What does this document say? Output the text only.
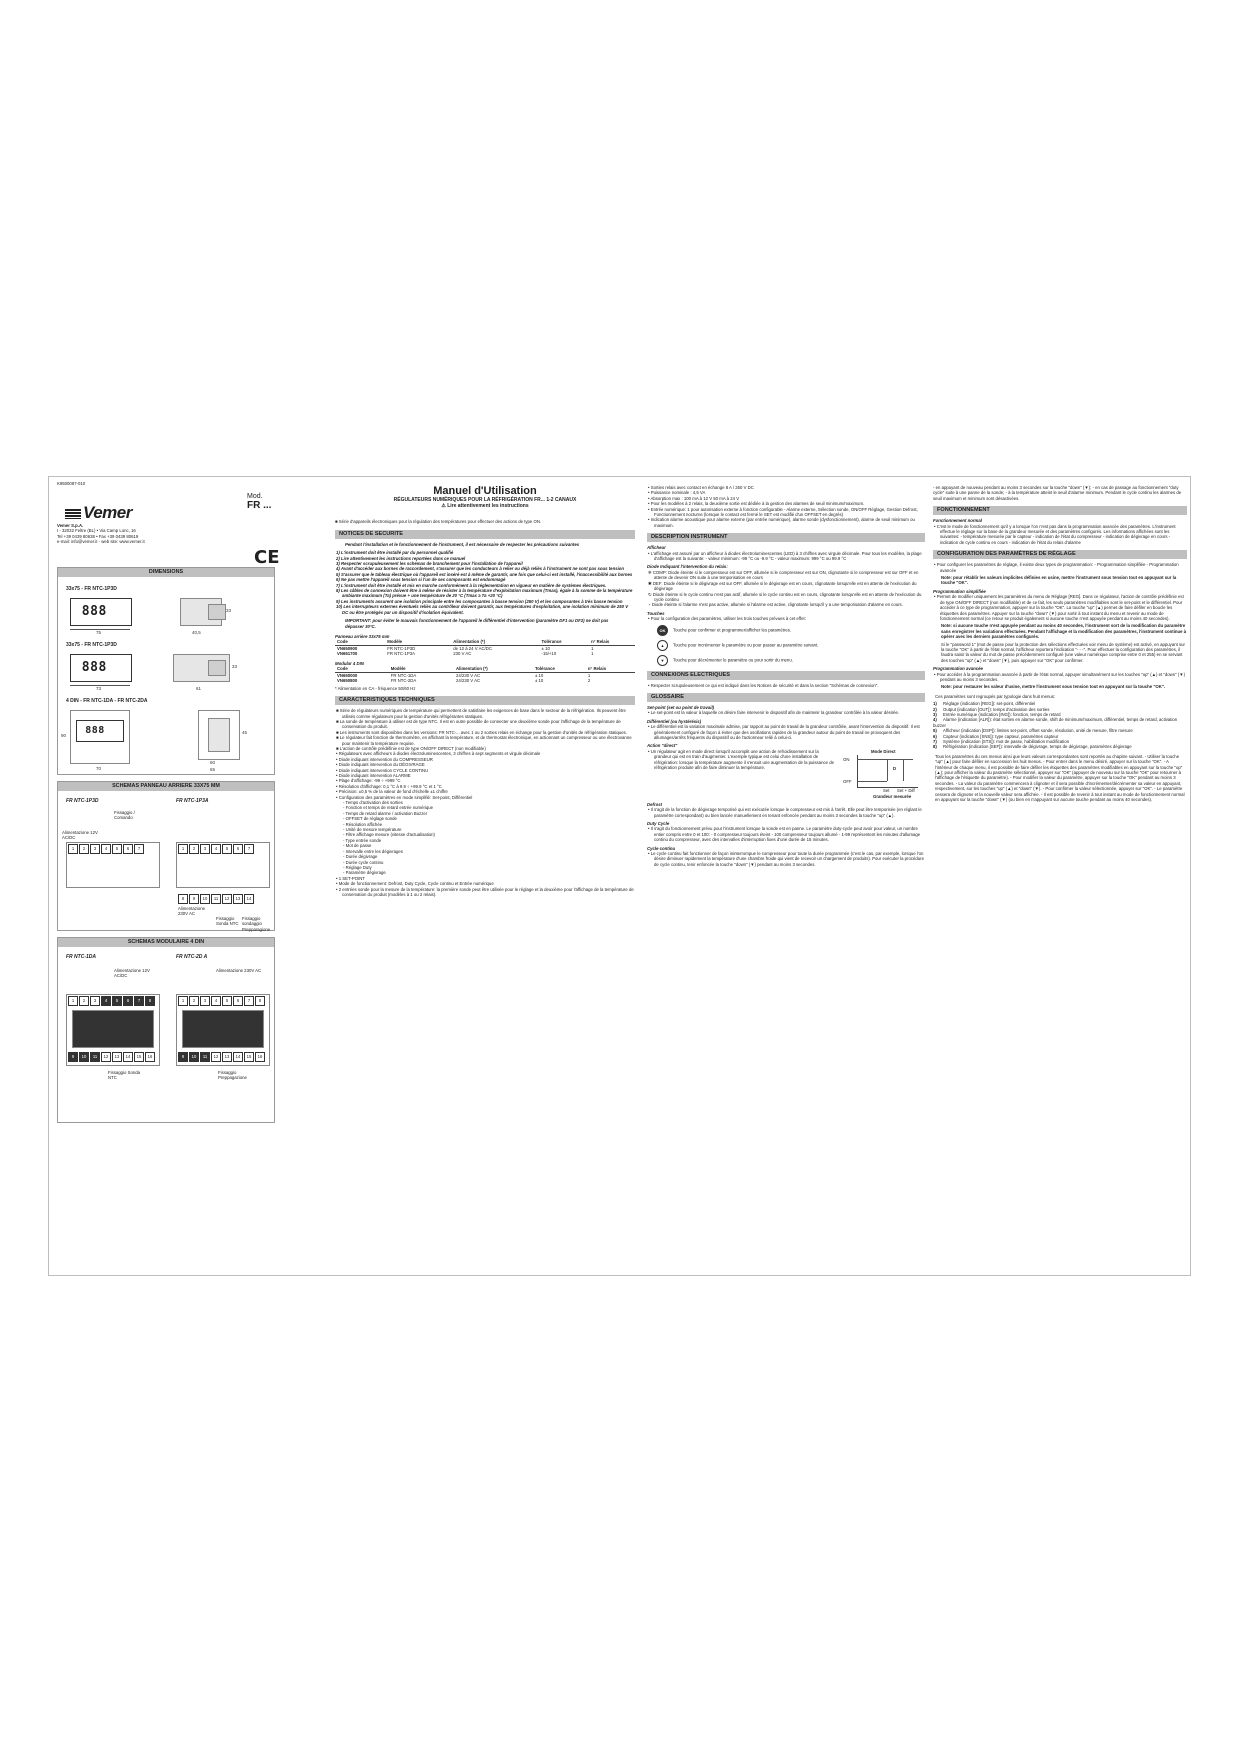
K9500087-010
Vemer
Mod. FR ...
Vemer S.p.A.
I - 32032 Feltre (BL) • Via Camp Lonc, 16
Tel +39 0439 80638 • Fax +39 0439 80619
e-mail: info@vemer.it - web site: www.vemer.it
CE
DIMENSIONS
33x75 - FR NTC-1P3D
888
75	40,5
33
33x75 - FR NTC-1P3D
888
73	61
33
4 DIN - FR NTC-1DA - FR NTC-2DA
888
90
70
45
60
65
SCHEMAS PANNEAU ARRIERE 33X75 MM
FR NTC-1P3D	FR NTC-1P3A
Alimentazione 12V AC/DC
Fissaggio / Comando
1	2	3	4	5	6	7	1	2	3	4	5	6	7
8	9	10	11	12	13	14
Alimentazione 230V AC
Fissaggio Sonda NTC
Fissaggio sondaggio Prepparagione
SCHEMAS MODULAIRE 4 DIN
FR NTC-1DA	FR NTC-2D A
Alimentazione 12V AC/DC
1	2	3	4	5	6	7	8
9	10	11	12	13	14	15	16
Fissaggio Sonda NTC
Alimentazione 230V AC
1	2	3	4	5	6	7	8
9	10	11	12	13	14	15	16
Fissaggio Preppagazione
Manuel d'Utilisation
RÉGULATEURS NUMÉRIQUES POUR LA RÉFRIGÉRATION FR... 1-2 CANAUX
⚠ Lire attentivement les instructions
■ Série d'appareils électroniques pour la régulation des températures pour effectuer des actions de type ON.
NOTICES DE SECURITE
Pendant l'installation et le fonctionnement de l'instrument, il est nécessaire de respecter les précautions suivantes
1) L'instrument doit être installé par du personnel qualifié
2) Lire attentivement les instructions reportées dans ce manuel
3) Respecter scrupuleusement les schémas de branchement pour l'installation de l'appareil
4) Avant d'accéder aux bornes de raccordement, s'assurer que les conducteurs à relier ou déjà reliés à l'instrument ne sont pas sous tension
5) S'assurer que le tableau électrique où l'appareil est inséré est à même de garantir, une fois que celui-ci est installé, l'inaccessibilité aux bornes
6) Ne pas mettre l'appareil sous tension si l'un de ses composants est endommagé
7) L'instrument doit être installé et mis en marche conformément à la réglementation en vigueur en matière de systèmes électriques.
8) Les câbles de connexion doivent être à même de résister à la température d'exploitation maximum (Tmax), égale à la somme de la température ambiante maximum (Ta) prévue + une température de 20 °C (Tmax ≥ Ta +20 °C)
9) Les instruments assurent une isolation principale entre les composantes à basse tension (250 V) et les composantes à très basse tension
10) Les interrupteurs externes éventuels reliés au contrôleur doivent garantir, aux températures d'exploitation, une isolation minimum de 250 V DC ou être protégés par un dispositif d'isolation équivalent.
IMPORTANT: pour éviter le mauvais fonctionnement de l'appareil le différentiel d'intervention (paramètre DF1 ou DF2) ne doit pas dépasser 30°C.
Panneau arrière 33x75 mm
Code	Modèle	Alimentation (*)	Tolérance	n° Relais
VN650900	FR NTC-1P3D	de 12 à 24 V AC/DC	± 10	1
VN651700	FR NTC-1P3A	230 V AC	-15/+10	1
Modular 4 DIN
Code	Modèle	Alimentation (*)	Tolérance	n° Relais
VN650000	FR NTC-1DA	24/230 V AC	± 10	1
VN650800	FR NTC-2DA	24/230 V AC	± 10	2
* Alimentation en CA - fréquence 50/60 Hz
CARACTERISTIQUES TECHNIQUES
■ Série de régulateurs numériques de température qui permettent de satisfaire les exigences de base dans le secteur de la réfrigération. Ils peuvent être utilisés comme régulateurs pour la gestion d'unités réfrigérantes statiques.
■ La sonde de température à utiliser est de type NTC. Il est en outre possible de connecter une deuxième sonde pour l'affichage de la température de conservation du produit.
■ Les instruments sont disponibles dans les versions: FR NTC-... avec 1 ou 2 sorties relais en échange pour la gestion d'unités de réfrigération statiques.
■ Le régulateur fait fonction de thermomètre, en affichant la température, et de thermostat électronique, en actionnant un compresseur ou une électrovanne pour maintenir la température requise.
■ L'action de contrôle prédéfinie est de type ON/OFF DIRECT (non modifiable)
• Régulateurs avec afficheurs à diodes électroluminescentes, 3 chiffres à sept segments et virgule décimale
• Diode indiquant intervention du COMPRESSEUR
• Diode indiquant intervention du DÉGIVRAGE
• Diode indiquant intervention CYCLE CONTINU
• Diode indiquant intervention ALARME
• Plage d'affichage: -99 ÷ +999 °C
• Résolution d'affichage: 0,1 °C à 9.9 ÷ +99.9 °C et 1 °C
• Précision: ±0,5 % de la valeur de fond d'échelle ±1 chiffre
• Configuration des paramètres en mode simplifié: Set-point, Différentiel
- Temps d'activation des sorties
- Fonction et temps de retard entrée numérique
- Temps de retard alarme / activation Buzzer
- OFFSET de réglage sonde
- Résolution affichée
- Unité de mesure température
- Filtre affichage mesure (vitesse d'actualisation)
- Type entrée sonde
- Mot de passe
- Intervalle entre les dégivrages
- Durée dégivrage
- Durée cycle continu
- Réglage Duty
- Paramètre dégivrage
• 1 SET-POINT
• Mode de fonctionnement: Defrost, Duty Cycle, Cycle continu et Entrée numérique
• 2 entrées sonde pour la mesure de la température: la première sonde peut être utilisée pour le réglage et la deuxième pour l'affichage de la température de conservation du produit (modèles à 1 ou 2 relais).
• Sorties relais avec contact en échange 8 A / 250 V DC
• Puissance nominale : 4,5 VA
• Absorption max : 100 mA à 12 V 50 mA à 24 V
• Pour les modèles à 2 relais, la deuxième sortie est dédiée à la gestion des alarmes de seuil minimum/maximum.
• Entrée numérique: 1 pour autorisation externe à fonction configurable - Alarme externe, Sélection sonde, ON/OFF Réglage, Gestion Defrost, Fonctionnement nocturne (lorsque le contact est fermé le SET est modifié d'un OFFSET en degrés)
• Indication alarme acoustique pour alarme externe (par entrée numérique), alarme sonde (dysfonctionnement), alarme de seuil minimum ou maximum.
DESCRIPTION INSTRUMENT
Afficheur
• L'affichage est assuré par un afficheur à diodes électroluminescentes (LED) à 3 chiffres avec virgule décimale. Pour tous les modèles, la plage d'affichage est la suivante: - valeur minimum: -99 °C ou -9.9 °C - valeur maximum: 999 °C ou 99.9 °C
Diode Indiquant l'intervention du relais:
❄ COMP: Diode éteinte si le compresseur est sur OFF, allumée si le compresseur est sur ON, clignotante si le compresseur est sur OFF et en attente de devenir ON suite à une temporisation en cours
✱ DEF: Diode éteinte si le dégivrage est sur OFF, allumée si le dégivrage est en cours, clignotante lorsqu'elle est en attente de l'exécution du dégivrage
↻ Diode éteinte si le cycle continu n'est pas actif, allumée si le cycle continu est en cours, clignotante lorsqu'elle est en attente de l'exécution du cycle continu
◔ Diode éteinte si l'alarme n'est pas active, allumée si l'alarme est active, clignotante lorsqu'il y a une temporisation d'alarme en cours.
Touches
• Pour la configuration des paramètres, utiliser les trois touches prévues à cet effet:
OK Touche pour confirmer et programmer/afficher les paramètres.
▲ Touche pour incrémenter le paramètre ou pour passer au paramètre suivant.
▼ Touche pour décrémenter le paramètre ou pour sortir du menu.
CONNEXIONS ELECTRIQUES
• Respecter scrupuleusement ce qui est indiqué dans les Notices de sécurité et dans la section "Schémas de connexion".
GLOSSAIRE
Set-point (set ou point de travail)
• Le set-point est la valeur à laquelle on désire faire intervenir le dispositif afin de maintenir la grandeur contrôlée à la valeur désirée.
Différentiel (ou hystérésis)
• Le différentiel est la variation maximale admise, par rapport au point de travail de la grandeur contrôlée, avant l'intervention du dispositif. Il est généralement configuré de façon à éviter que des oscillations rapides de la grandeur autour du point de travail ne provoquent des allumages/arrêts fréquents du dispositif ou de l'actionneur relié à celui-ci.
Action "direct"
• Un régulateur agit en mode direct lorsqu'il accomplit une action de refroidissement sur la grandeur qui est en train d'augmenter. L'exemple typique est celui d'une installation de réfrigération: lorsque la température augmente il s'ensuit une augmentation de la puissance de réfrigération produite afin de faire diminuer la température.
Mode Direct
ON
OFF
D
Set Set + Diff
Grandeur mesurée
Defrost
• Il s'agit de la fonction de dégivrage temporisé qui est exécutée lorsque le compresseur est mis à l'arrêt. Elle peut être temporisée (en réglant le paramètre correspondant) ou bien lancée manuellement en tenant enfoncée pendant au moins 3 secondes la touche "up" (▲).
Duty Cycle
• Il s'agit du fonctionnement prévu pour l'instrument lorsque la sonde est en panne. Le paramètre duty-cycle peut avoir pour valeur, un nombre entier compris entre 0 et 100: - 0 compresseur toujours éteint - 100 compresseur toujours allumé - 1-99 représentent les minutes d'allumage continu du compresseur, avec des intervalles d'interruption fixes d'une durée de 15 minutes.
Cycle continu
• Le cycle continu fait fonctionner de façon ininterrompue le compresseur pour toute la durée programmée (c'est le cas, par exemple, lorsque l'on désire diminuer rapidement la température d'une chambre froide qui vient de recevoir un chargement de produits). Pour exécuter la procédure de cycle continu, tenir enfoncée la touche "down" (▼) pendant au moins 3 secondes.
- en appuyant de nouveau pendant au moins 3 secondes sur la touche "down" (▼); - en cas de passage au fonctionnement "duty cycle" suite à une panne de la sonde; - à la température atteint le seuil d'alarme minimum. Pendant le cycle continu les alarmes de seuil maximum et minimum sont désactivées.
FONCTIONNEMENT
Fonctionnement normal
• C'est le mode de fonctionnement qu'il y a lorsque l'on n'est pas dans la programmation avancée des paramètres. L'instrument effectue le réglage sur la base de la grandeur mesurée et des paramètres configurés. Les informations affichées sont les suivantes: - température mesurée par le capteur - indication de l'état du compresseur - indication de dégivrage en cours - indication de cycle continu en cours - indication de l'état du relais d'alarme
CONFIGURATION DES PARAMÈTRES DE RÉGLAGE
• Pour configurer les paramètres de réglage, il existe deux types de programmation: - Programmation simplifiée - Programmation avancée
Note: pour rétablir les valeurs implicites définies en usine, mettre l'instrument sous tension tout en appuyant sur la touche "OK".
Programmation simplifiée
• Permet de modifier uniquement les paramètres du menu de Réglage [REG]. Dans ce régulateur, l'action de contrôle prédéfinie est de type ON/OFF DIRECT (non modifiable) et de ce fait, les seuls paramètres modifiables sont le set-point et le différentiel. Pour accéder à ce type de programmation, appuyer sur la touche "OK". La touche "up" (▲) permet de faire défiler en boucle les étiquettes des paramètres. Appuyer sur la touche "down" (▼) pour sortir à tout instant du menu et revenir au mode de fonctionnement normal (ce retour se produit également si aucune touche n'est appuyée pendant au moins 40 secondes).
Note: si aucune touche n'est appuyée pendant au moins 40 secondes, l'instrument sort de la modification du paramètre sans enregistrer les variations effectuées. Pendant l'affichage et la modification des paramètres, l'instrument continue à opérer avec les derniers paramètres configurés.
Si le "password 1" (mot de passe pour la protection des sélections effectuées voir menu de système) est activé, en appuyant sur la touche "OK" à partir de l'état normal, l'afficheur reportera l'indication "- - -". Pour effectuer la configuration des paramètres, il faudra saisir la valeur du mot de passe précédemment configuré (une valeur numérique comprise entre 0 et 255) en se servant des touches "up" (▲) et "down" (▼), puis appuyer sur "OK" pour confirmer.
Programmation avancée
• Pour accéder à la programmation avancée à partir de l'état normal, appuyer simultanément sur les touches "up" (▲) et "down" (▼) pendant au moins 3 secondes.
Note: pour restaurer les valeur d'usine, mettre l'instrument sous tension tout en appuyant sur la touche "OK".
Ces paramètres sont regroupés par typologie dans huit menus:
1) Réglage (indication [REG]): set-point, différentiel
2) Output (indication [OUT]): temps d'activation des sorties
3) Entrée numérique (indication [ING]): fonction, temps de retard
4) Alarme (indication [ALR]): état sorties en alarme sonde, shift de minimum/maximum, différentiel, temps de retard, activation buzzer
5) Afficheur (indication [DSP]): limites set-point, offset sonde, résolution, unité de mesure, filtre mesure
6) Capteur (indication [SNS]): type capteur, paramètres capteur
7) Système (indication [STS]): mot de passe, habilitation modification
8) Réfrigération (indication [SEF]): intervalle de dégivrage, temps de dégivrage, paramètres dégivrage
Tous les paramètres du ces menus ainsi que leurs valeurs correspondantes sont reportés au chapitre suivant. - Utiliser la touche "up" (▲) pour faire défiler en succession les huit menus. - Pour entrer dans le menu désiré, appuyer sur la touche "OK". - A l'intérieur de chaque menu, il est possible de faire défiler les étiquettes des paramètres modifiables en appuyant sur la touche "up" (▲); pour afficher la valeur du paramètre sélectionné, appuyer sur "OK" (appuyer de nouveau sur la touche "OK" pour retourner à l'affichage de l'étiquette du paramètre). - Pour modifier la valeur du paramètre, appuyer sur la touche "OK" pendant au moins 3 secondes. - La valeur du paramètre commencera à clignoter et il sera possible d'incrémenter/décrémenter sa valeur en appuyant, respectivement, sur les touches "up" (▲) et "down" (▼). - Pour confirmer la valeur sélectionnée, appuyer sur "OK". - Le paramètre cessera de clignoter et la nouvelle valeur sera affichée. - Il est possible de revenir à tout instant au mode de fonctionnement normal en appuyant sur la touche "down" (▼) (ou bien en n'appuyant sur aucune touche pendant au moins 40 secondes).
